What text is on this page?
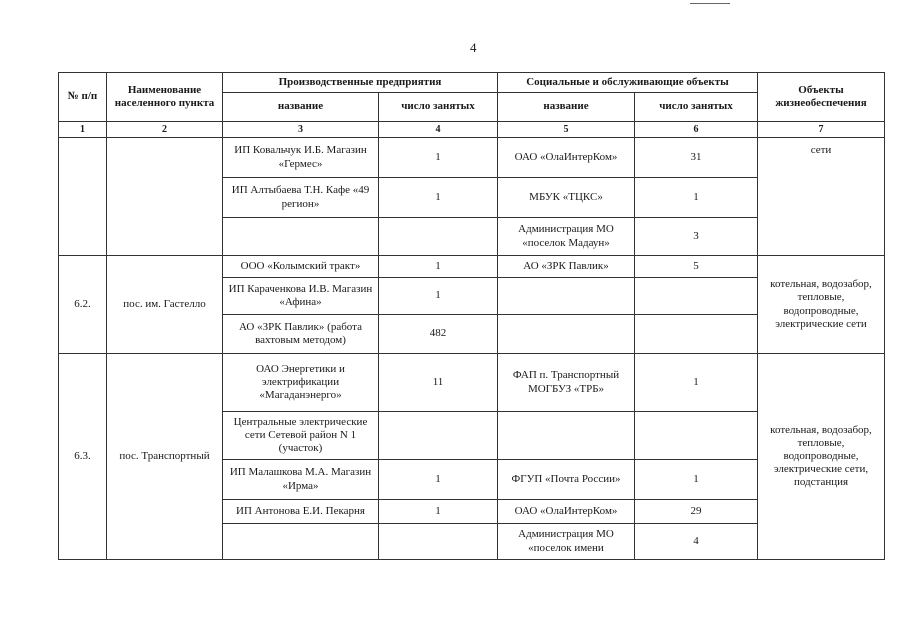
4
№ п/п	Наименование населенного пункта	Производственные предприятия		Социальные и обслуживающие объекты		Объекты жизнеобеспечения
		название	число занятых	название	число занятых	
1	2	3	4	5	6	7
		ИП Ковальчук И.Б. Магазин «Гермес»	1	ОАО «ОлаИнтерКом»	31	сети
		ИП Алтыбаева Т.Н. Кафе «49 регион»	1	МБУК «ТЦКС»	1	
				Администрация МО «поселок Мадаун»	3	
6.2.	пос. им. Гастелло	ООО «Колымский тракт»	1	АО «ЗРК Павлик»	5	котельная, водозабор, тепловые, водопроводные, электрические сети
		ИП Караченкова И.В. Магазин «Афина»	1			
		АО «ЗРК Павлик» (работа вахтовым методом)	482			
6.3.	пос. Транспортный	ОАО Энергетики и электрификации «Магаданэнерго»	11	ФАП п. Транспортный МОГБУЗ «ТРБ»	1	котельная, водозабор, тепловые, водопроводные, электрические сети, подстанция
		Центральные электрические сети Сетевой район N 1 (участок)				
		ИП Малашкова М.А. Магазин «Ирма»	1	ФГУП «Почта России»	1	
		ИП Антонова Е.И. Пекарня	1	ОАО «ОлаИнтерКом»	29	
				Администрация МО «поселок имени	4	
